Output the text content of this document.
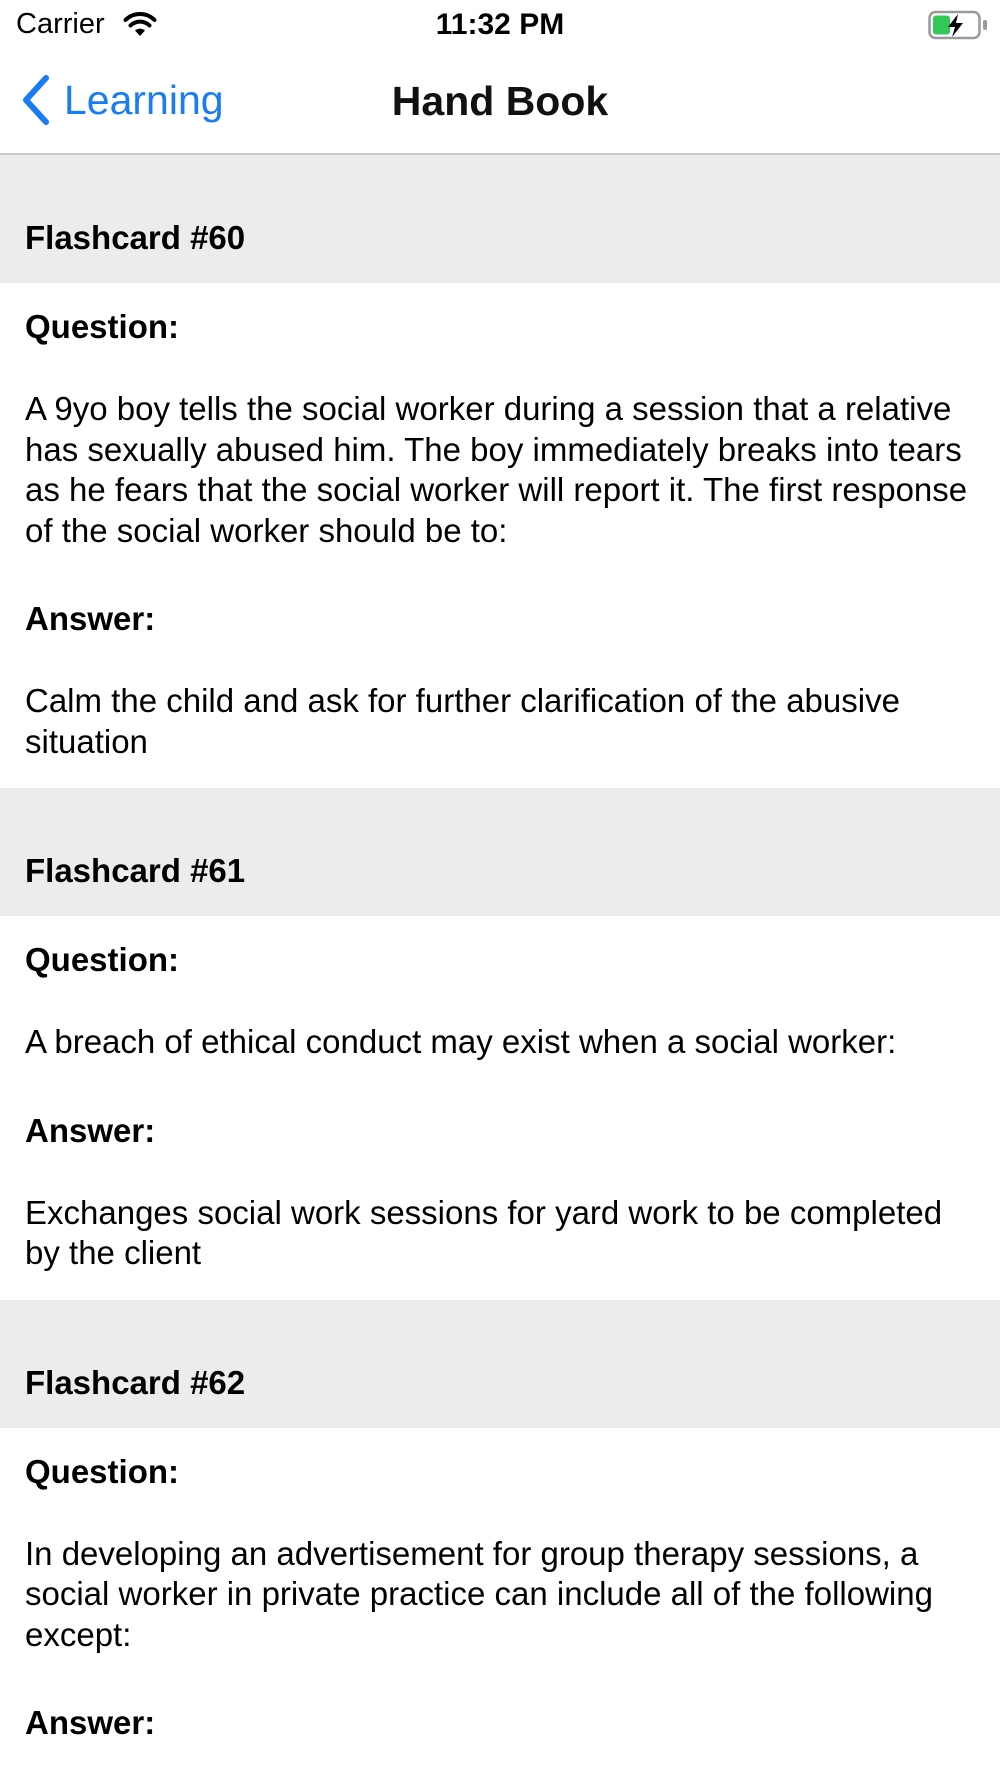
Carrier	11:32 PM
Learning	Hand Book
Flashcard #60
Question:
A 9yo boy tells the social worker during a session that a relative has sexually abused him. The boy immediately breaks into tears as he fears that the social worker will report it. The first response of the social worker should be to:
Answer:
Calm the child and ask for further clarification of the abusive situation
Flashcard #61
Question:
A breach of ethical conduct may exist when a social worker:
Answer:
Exchanges social work sessions for yard work to be completed by the client
Flashcard #62
Question:
In developing an advertisement for group therapy sessions, a social worker in private practice can include all of the following except:
Answer:
